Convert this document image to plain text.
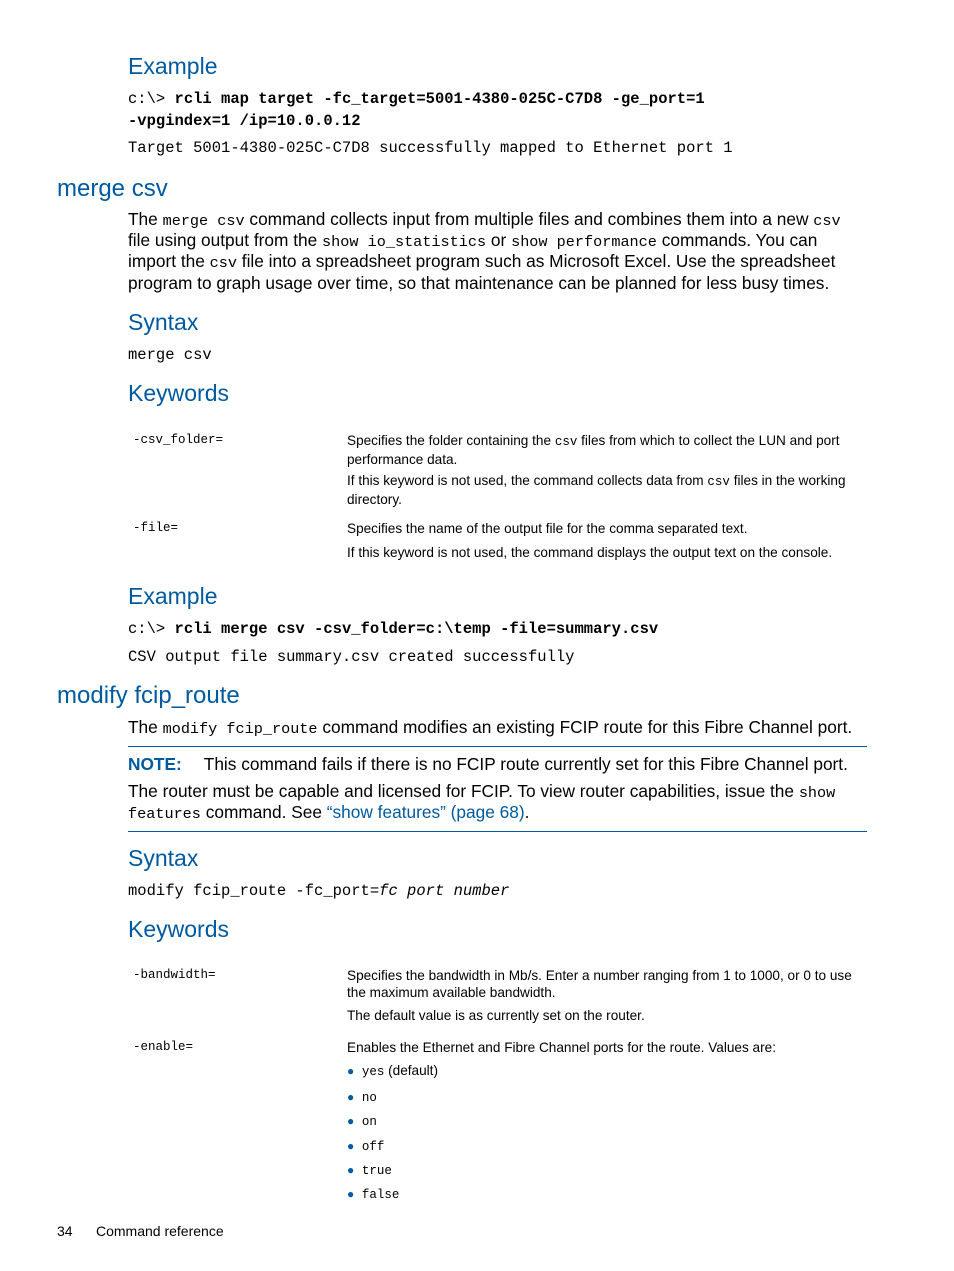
Example
c:\> rcli map target -fc_target=5001-4380-025C-C7D8 -ge_port=1
-vpgindex=1 /ip=10.0.0.12
Target 5001-4380-025C-C7D8 successfully mapped to Ethernet port 1
merge csv
The merge csv command collects input from multiple files and combines them into a new csv
file using output from the show io_statistics or show performance commands. You can
import the csv file into a spreadsheet program such as Microsoft Excel. Use the spreadsheet
program to graph usage over time, so that maintenance can be planned for less busy times.
Syntax
merge csv
Keywords
-csv_folder=	Specifies the folder containing the csv files from which to collect the LUN and port performance data.
If this keyword is not used, the command collects data from csv files in the working directory.
-file=	Specifies the name of the output file for the comma separated text.
If this keyword is not used, the command displays the output text on the console.
Example
c:\> rcli merge csv -csv_folder=c:\temp -file=summary.csv
CSV output file summary.csv created successfully
modify fcip_route
The modify fcip_route command modifies an existing FCIP route for this Fibre Channel port.
NOTE: This command fails if there is no FCIP route currently set for this Fibre Channel port.
The router must be capable and licensed for FCIP. To view router capabilities, issue the show
features command. See “show features” (page 68).
Syntax
modify fcip_route -fc_port=fc port number
Keywords
-bandwidth=	Specifies the bandwidth in Mb/s. Enter a number ranging from 1 to 1000, or 0 to use the maximum available bandwidth.
The default value is as currently set on the router.
-enable=	Enables the Ethernet and Fibre Channel ports for the route. Values are:
● yes (default)
● no
● on
● off
● true
● false
34 Command reference
